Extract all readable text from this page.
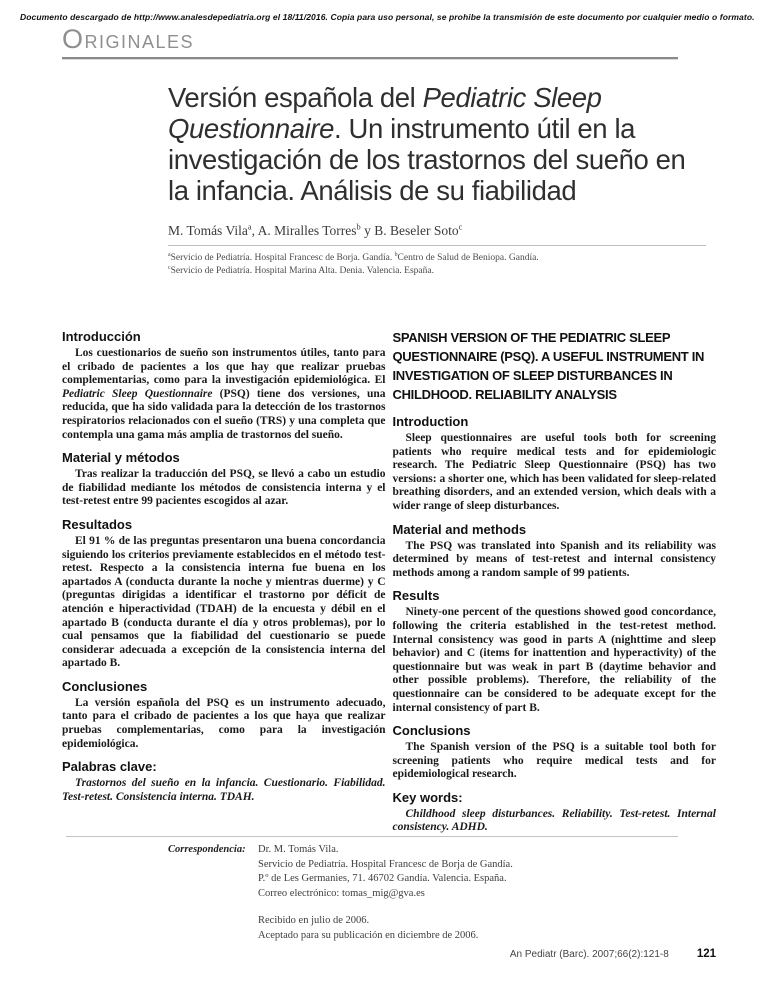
Documento descargado de http://www.analesdepediatria.org el 18/11/2016. Copia para uso personal, se prohibe la transmisión de este documento por cualquier medio o formato.
ORIGINALES
Versión española del Pediatric Sleep Questionnaire. Un instrumento útil en la investigación de los trastornos del sueño en la infancia. Análisis de su fiabilidad

M. Tomás Vila$^a$, A. Miralles Torres$^b$ y B. Beseler Soto$^c$

$^a$Servicio de Pediatría. Hospital Francesc de Borja. Gandía. $^b$Centro de Salud de Beniopa. Gandía.

$^c$Servicio de Pediatría. Hospital Marina Alta. Denia. Valencia. España.

Introducción

Los cuestionarios de sueño son instrumentos útiles, tanto para el cribado de pacientes a los que hay que realizar pruebas complementarias, como para la investigación epidemiológica. El Pediatric Sleep Questionnaire (PSQ) tiene dos versiones, una reducida, que ha sido validada para la detección de los trastornos respiratorios relacionados con el sueño (TRS) y una completa que contempla una gama más amplia de trastornos del sueño.

Material y métodos

Tras realizar la traducción del PSQ, se llevó a cabo un estudio de fiabilidad mediante los métodos de consistencia interna y el test-retest entre 99 pacientes escogidos al azar.

Resultados

El 91 % de las preguntas presentaron una buena concordancia siguiendo los criterios previamente establecidos en el método test-retest. Respecto a la consistencia interna fue buena en los apartados A (conducta durante la noche y mientras duerme) y C (preguntas dirigidas a identificar el trastorno por déficit de atención e hiperactividad (TDAH) de la encuesta y débil en el apartado B (conducta durante el día y otros problemas), por lo cual pensamos que la fiabilidad del cuestionario se puede considerar adecuada a excepción de la consistencia interna del apartado B.

Conclusiones

La versión española del PSQ es un instrumento adecuado, tanto para el cribado de pacientes a los que haya que realizar pruebas complementarias, como para la investigación epidemiológica.

Palabras clave:

Trastornos del sueño en la infancia. Cuestionario. Fiabilidad. Test-retest. Consistencia interna. TDAH.

SPANISH VERSION OF THE PEDIATRIC SLEEP QUESTIONNAIRE (PSQ). A USEFUL INSTRUMENT IN INVESTIGATION OF SLEEP DISTURBANCES IN CHILDHOOD. RELIABILITY ANALYSIS
Introduction

Sleep questionnaires are useful tools both for screening patients who require medical tests and for epidemiologic research. The Pediatric Sleep Questionnaire (PSQ) has two versions: a shorter one, which has been validated for sleep-related breathing disorders, and an extended version, which deals with a wider range of sleep disturbances.

Material and methods

The PSQ was translated into Spanish and its reliability was determined by means of test-retest and internal consistency methods among a random sample of 99 patients.

Results

Ninety-one percent of the questions showed good concordance, following the criteria established in the test-retest method. Internal consistency was good in parts A (nighttime and sleep behavior) and C (items for inattention and hyperactivity) of the questionnaire but was weak in part B (daytime behavior and other possible problems). Therefore, the reliability of the questionnaire can be considered to be adequate except for the internal consistency of part B.

Conclusions

The Spanish version of the PSQ is a suitable tool both for screening patients who require medical tests and for epidemiological research.

Key words:

Childhood sleep disturbances. Reliability. Test-retest. Internal consistency. ADHD.

Correspondencia:	Dr. M. Tomás Vila.
Servicio de Pediatría. Hospital Francesc de Borja de Gandía.
P.º de Les Germanies, 71. 46702 Gandía. Valencia. España.
Correo electrónico: tomas_mig@gva.es
Recibido en julio de 2006.
Aceptado para su publicación en diciembre de 2006.
An Pediatr (Barc). 2007;66(2):121-8 121
